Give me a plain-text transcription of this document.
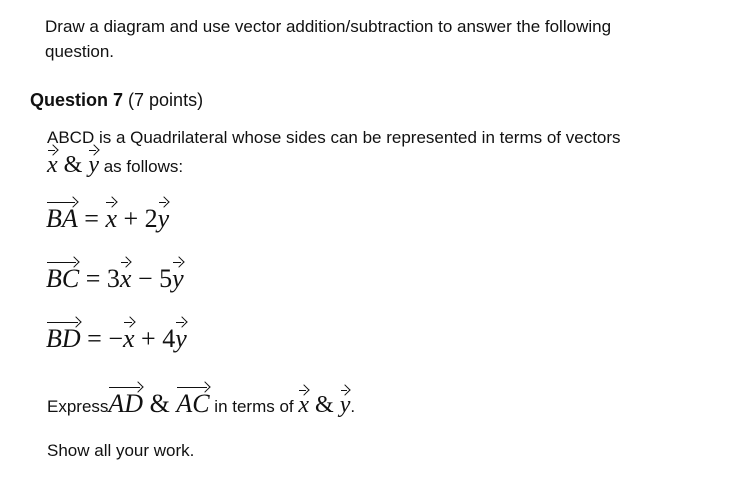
Draw a diagram and use vector addition/subtraction to answer the following
question.
Question 7 (7 points)
ABCD is a Quadrilateral whose sides can be represented in terms of vectors
x & y as follows:
BA = x + 2y
BC = 3x − 5y
BD = −x + 4y
ExpressAD & AC in terms of x & y.
Show all your work.
